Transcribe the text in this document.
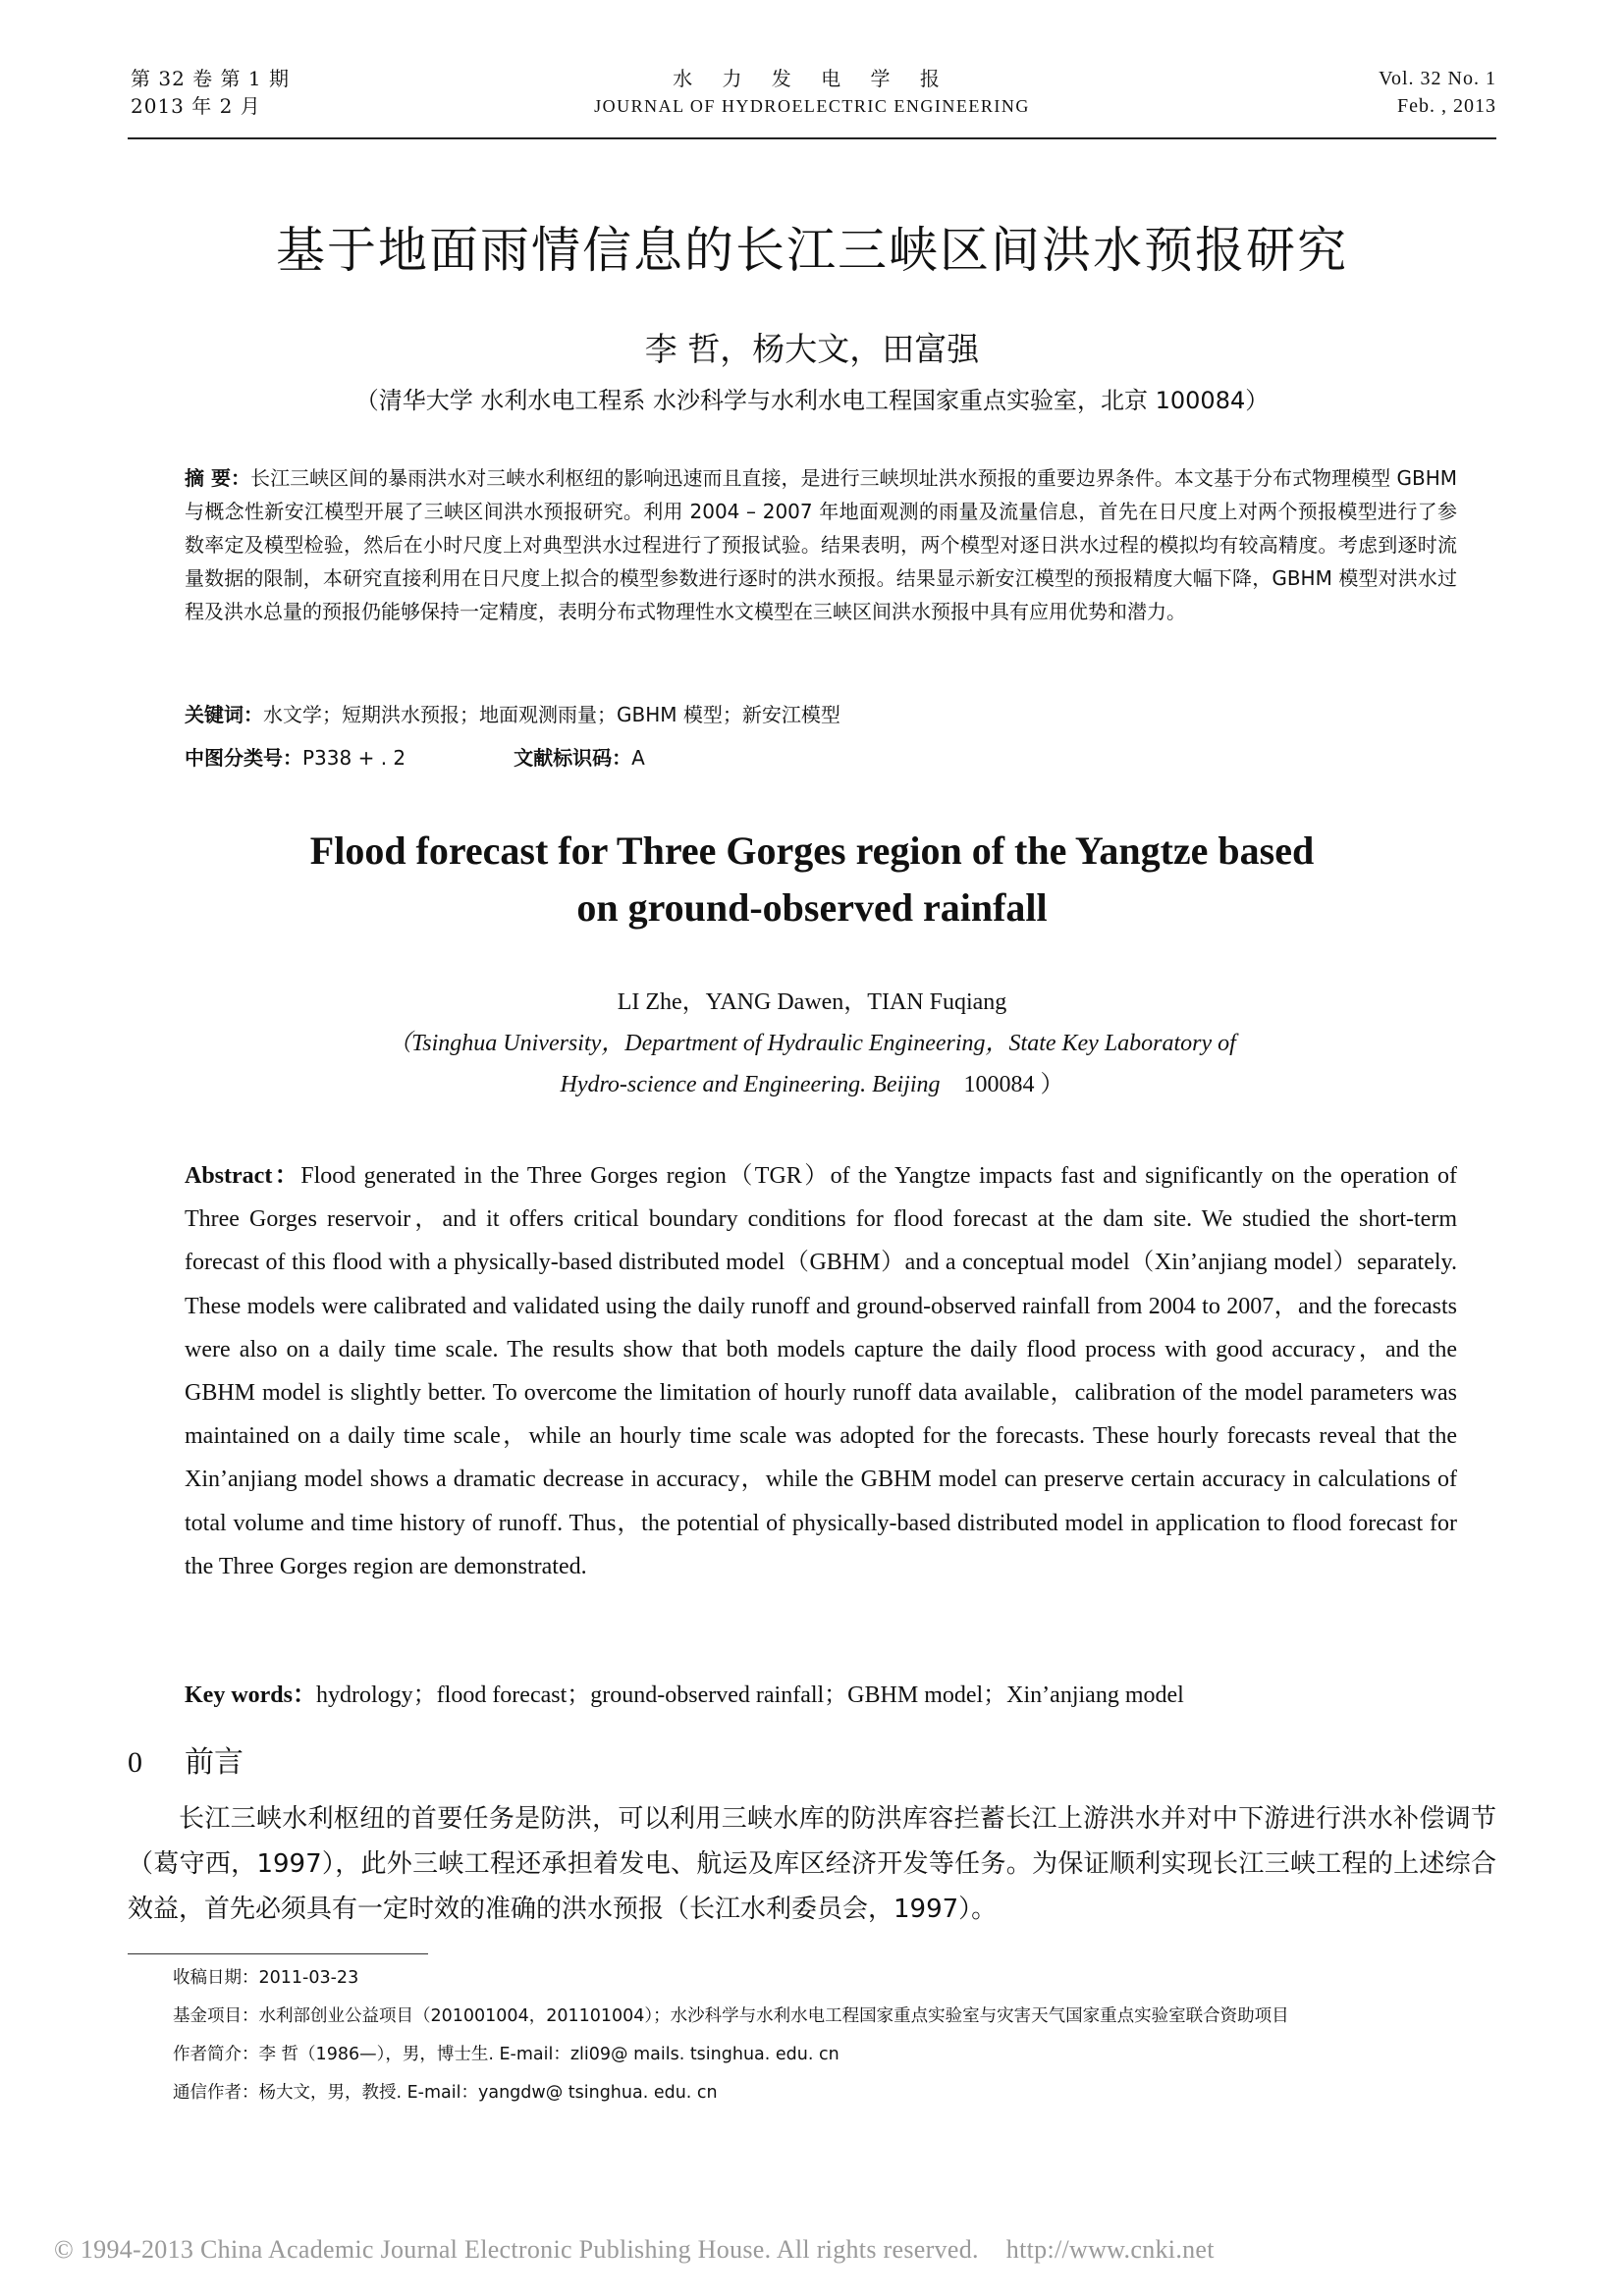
第 32 卷 第 1 期
2013 年 2 月
水 力 发 电 学 报
JOURNAL OF HYDROELECTRIC ENGINEERING
Vol. 32 No. 1
Feb. , 2013
基于地面雨情信息的长江三峡区间洪水预报研究
李 哲，杨大文，田富强
（清华大学 水利水电工程系 水沙科学与水利水电工程国家重点实验室，北京 100084）
摘 要：长江三峡区间的暴雨洪水对三峡水利枢纽的影响迅速而且直接，是进行三峡坝址洪水预报的重要边界条件。本文基于分布式物理模型 GBHM 与概念性新安江模型开展了三峡区间洪水预报研究。利用 2004 – 2007 年地面观测的雨量及流量信息，首先在日尺度上对两个预报模型进行了参数率定及模型检验，然后在小时尺度上对典型洪水过程进行了预报试验。结果表明，两个模型对逐日洪水过程的模拟均有较高精度。考虑到逐时流量数据的限制，本研究直接利用在日尺度上拟合的模型参数进行逐时的洪水预报。结果显示新安江模型的预报精度大幅下降，GBHM 模型对洪水过程及洪水总量的预报仍能够保持一定精度，表明分布式物理性水文模型在三峡区间洪水预报中具有应用优势和潜力。
关键词：水文学；短期洪水预报；地面观测雨量；GBHM 模型；新安江模型
中图分类号：P338 + . 2	文献标识码：A
Flood forecast for Three Gorges region of the Yangtze based
on ground-observed rainfall
LI Zhe，YANG Dawen，TIAN Fuqiang
（Tsinghua University，Department of Hydraulic Engineering，State Key Laboratory of
Hydro-science and Engineering. Beijing 100084 ）
Abstract：Flood generated in the Three Gorges region（TGR）of the Yangtze impacts fast and significantly on the operation of Three Gorges reservoir，and it offers critical boundary conditions for flood forecast at the dam site. We studied the short-term forecast of this flood with a physically-based distributed model（GBHM）and a conceptual model（Xin’anjiang model）separately. These models were calibrated and validated using the daily runoff and ground-observed rainfall from 2004 to 2007，and the forecasts were also on a daily time scale. The results show that both models capture the daily flood process with good accuracy，and the GBHM model is slightly better. To overcome the limitation of hourly runoff data available，calibration of the model parameters was maintained on a daily time scale，while an hourly time scale was adopted for the forecasts. These hourly forecasts reveal that the Xin’anjiang model shows a dramatic decrease in accuracy，while the GBHM model can preserve certain accuracy in calculations of total volume and time history of runoff. Thus，the potential of physically-based distributed model in application to flood forecast for the Three Gorges region are demonstrated.
Key words：hydrology；flood forecast；ground-observed rainfall；GBHM model；Xin’anjiang model
0 前言
长江三峡水利枢纽的首要任务是防洪，可以利用三峡水库的防洪库容拦蓄长江上游洪水并对中下游进行洪水补偿调节（葛守西，1997），此外三峡工程还承担着发电、航运及库区经济开发等任务。为保证顺利实现长江三峡工程的上述综合效益，首先必须具有一定时效的准确的洪水预报（长江水利委员会，1997）。
收稿日期：2011-03-23
基金项目：水利部创业公益项目（201001004，201101004）；水沙科学与水利水电工程国家重点实验室与灾害天气国家重点实验室联合资助项目
作者简介：李 哲（1986—），男，博士生. E-mail：zli09@ mails. tsinghua. edu. cn
通信作者：杨大文，男，教授. E-mail：yangdw@ tsinghua. edu. cn
© 1994-2013 China Academic Journal Electronic Publishing House. All rights reserved. http://www.cnki.net
